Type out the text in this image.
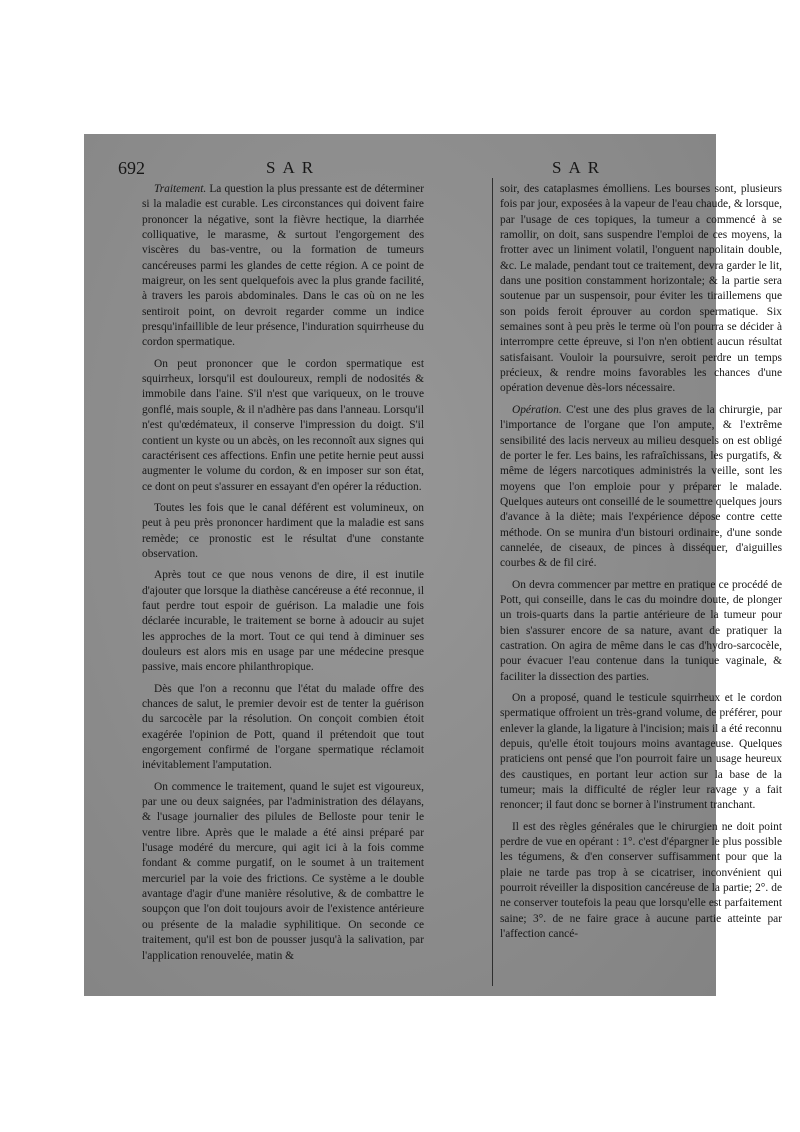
692	SAR	SAR

Traitement. La question la plus pressante est de déterminer si la maladie est curable. Les circonstances qui doivent faire prononcer la négative, sont la fièvre hectique, la diarrhée colliquative, le marasme, & surtout l'engorgement des viscères du bas-ventre, ou la formation de tumeurs cancéreuses parmi les glandes de cette région. A ce point de maigreur, on les sent quelquefois avec la plus grande facilité, à travers les parois abdominales. Dans le cas où on ne les sentiroit point, on devroit regarder comme un indice presqu'infaillible de leur présence, l'induration squirrheuse du cordon spermatique.

On peut prononcer que le cordon spermatique est squirrheux, lorsqu'il est douloureux, rempli de nodosités & immobile dans l'aine. S'il n'est que variqueux, on le trouve gonflé, mais souple, & il n'adhère pas dans l'anneau. Lorsqu'il n'est qu'œdémateux, il conserve l'impression du doigt. S'il contient un kyste ou un abcès, on les reconnoît aux signes qui caractérisent ces affections. Enfin une petite hernie peut aussi augmenter le volume du cordon, & en imposer sur son état, ce dont on peut s'assurer en essayant d'en opérer la réduction.

Toutes les fois que le canal déférent est volumineux, on peut à peu près prononcer hardiment que la maladie est sans remède; ce pronostic est le résultat d'une constante observation.

Après tout ce que nous venons de dire, il est inutile d'ajouter que lorsque la diathèse cancéreuse a été reconnue, il faut perdre tout espoir de guérison. La maladie une fois déclarée incurable, le traitement se borne à adoucir au sujet les approches de la mort. Tout ce qui tend à diminuer ses douleurs est alors mis en usage par une médecine presque passive, mais encore philanthropique.

Dès que l'on a reconnu que l'état du malade offre des chances de salut, le premier devoir est de tenter la guérison du sarcocèle par la résolution. On conçoit combien étoit exagérée l'opinion de Pott, quand il prétendoit que tout engorgement confirmé de l'organe spermatique réclamoit inévitablement l'amputation.

On commence le traitement, quand le sujet est vigoureux, par une ou deux saignées, par l'administration des délayans, & l'usage journalier des pilules de Belloste pour tenir le ventre libre. Après que le malade a été ainsi préparé par l'usage modéré du mercure, qui agit ici à la fois comme fondant & comme purgatif, on le soumet à un traitement mercuriel par la voie des frictions. Ce système a le double avantage d'agir d'une manière résolutive, & de combattre le soupçon que l'on doit toujours avoir de l'existence antérieure ou présente de la maladie syphilitique. On seconde ce traitement, qu'il est bon de pousser jusqu'à la salivation, par l'application renouvelée, matin &

soir, des cataplasmes émolliens. Les bourses sont, plusieurs fois par jour, exposées à la vapeur de l'eau chaude, & lorsque, par l'usage de ces topiques, la tumeur a commencé à se ramollir, on doit, sans suspendre l'emploi de ces moyens, la frotter avec un liniment volatil, l'onguent napolitain double, &c. Le malade, pendant tout ce traitement, devra garder le lit, dans une position constamment horizontale; & la partie sera soutenue par un suspensoir, pour éviter les tiraillemens que son poids feroit éprouver au cordon spermatique. Six semaines sont à peu près le terme où l'on pourra se décider à interrompre cette épreuve, si l'on n'en obtient aucun résultat satisfaisant. Vouloir la poursuivre, seroit perdre un temps précieux, & rendre moins favorables les chances d'une opération devenue dès-lors nécessaire.

Opération. C'est une des plus graves de la chirurgie, par l'importance de l'organe que l'on ampute, & l'extrême sensibilité des lacis nerveux au milieu desquels on est obligé de porter le fer. Les bains, les rafraîchissans, les purgatifs, & même de légers narcotiques administrés la veille, sont les moyens que l'on emploie pour y préparer le malade. Quelques auteurs ont conseillé de le soumettre quelques jours d'avance à la diète; mais l'expérience dépose contre cette méthode. On se munira d'un bistouri ordinaire, d'une sonde cannelée, de ciseaux, de pinces à disséquer, d'aiguilles courbes & de fil ciré.

On devra commencer par mettre en pratique ce procédé de Pott, qui conseille, dans le cas du moindre doute, de plonger un trois-quarts dans la partie antérieure de la tumeur pour bien s'assurer encore de sa nature, avant de pratiquer la castration. On agira de même dans le cas d'hydro-sarcocèle, pour évacuer l'eau contenue dans la tunique vaginale, & faciliter la dissection des parties.

On a proposé, quand le testicule squirrheux et le cordon spermatique offroient un très-grand volume, de préférer, pour enlever la glande, la ligature à l'incision; mais il a été reconnu depuis, qu'elle étoit toujours moins avantageuse. Quelques praticiens ont pensé que l'on pourroit faire un usage heureux des caustiques, en portant leur action sur la base de la tumeur; mais la difficulté de régler leur ravage y a fait renoncer; il faut donc se borner à l'instrument tranchant.

Il est des règles générales que le chirurgien ne doit point perdre de vue en opérant : 1°. c'est d'épargner le plus possible les tégumens, & d'en conserver suffisamment pour que la plaie ne tarde pas trop à se cicatriser, inconvénient qui pourroit réveiller la disposition cancéreuse de la partie; 2°. de ne conserver toutefois la peau que lorsqu'elle est parfaitement saine; 3°. de ne faire grace à aucune partie atteinte par l'affection cancé-
